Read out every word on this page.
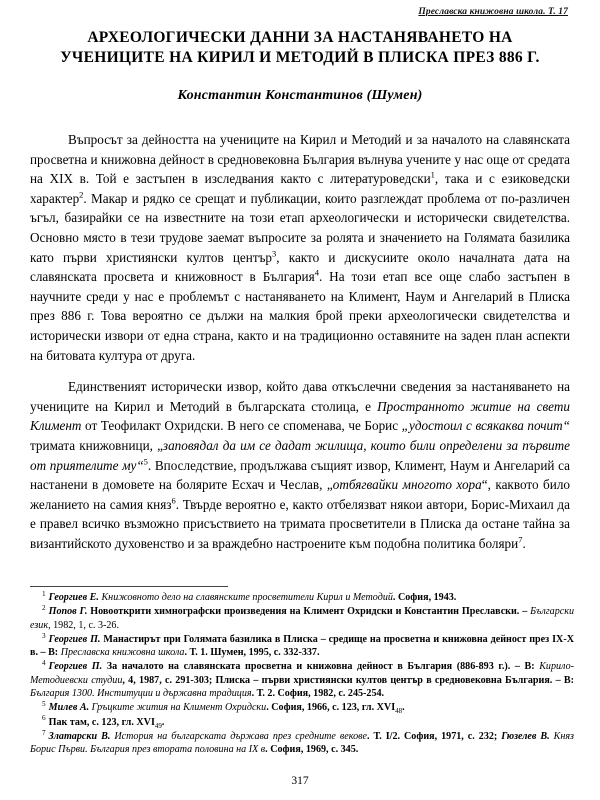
Преславска книжовна школа. Т. 17
АРХЕОЛОГИЧЕСКИ ДАННИ ЗА НАСТАНЯВАНЕТО НА
УЧЕНИЦИТЕ НА КИРИЛ И МЕТОДИЙ В ПЛИСКА ПРЕЗ 886 Г.
Константин Константинов (Шумен)

Въпросът за дейността на учениците на Кирил и Методий и за началото на славянската просветна и книжовна дейност в средновековна България вълнува учените у нас още от средата на XIX в. Той е застъпен в изследвания както с литературоведски$^1$, така и с езиковедски характер$^2$. Макар и рядко се срещат и публикации, които разглеждат проблема от по-различен ъгъл, базирайки се на известните на този етап археологически и исторически свидетелства. Основно място в тези трудове заемат въпросите за ролята и значението на Голямата базилика като първи християнски култов център$^3$, както и дискусиите около началната дата на славянската просвета и книжовност в България$^4$. На този етап все още слабо застъпен в научните среди у нас е проблемът с настаняването на Климент, Наум и Ангеларий в Плиска през 886 г. Това вероятно се дължи на малкия брой преки археологически свидетелства и исторически извори от една страна, както и на традиционно оставяните на заден план аспекти на битовата култура от друга.

Единственият исторически извор, който дава откъслечни сведения за настаняването на учениците на Кирил и Методий в българската столица, е Пространното житие на свети Климент от Теофилакт Охридски. В него се споменава, че Борис „удостоил с всякаква почит“ тримата книжовници, „заповядал да им се дадат жилища, които били определени за първите от приятелите му“$^5$. Впоследствие, продължава същият извор, Климент, Наум и Ангеларий са настанени в домовете на болярите Есхач и Чеслав, „отбягвайки многото хора“, каквото било желанието на самия княз$^6$. Твърде вероятно е, както отбелязват някои автори, Борис-Михаил да е правел всичко възможно присъствието на тримата просветители в Плиска да остане тайна за византийското духовенство и за враждебно настроените към подобна политика боляри$^7$.

$^1$ Георгиев Е. Книжовното дело на славянските просветители Кирил и Методий. София, 1943.
$^2$ Попов Г. Новооткрити химнографски произведения на Климент Охридски и Константин Преславски. – Български език, 1982, 1, с. 3-26.
$^3$ Георгиев П. Манастирът при Голямата базилика в Плиска – средище на просветна и книжовна дейност през IX-X в. – В: Преславска книжовна школа. Т. 1. Шумен, 1995, с. 332-337.
$^4$ Георгиев П. За началото на славянската просветна и книжовна дейност в България (886-893 г.). – В: Кирило-Методиевски студии, 4, 1987, с. 291-303; Плиска – първи християнски култов център в средновековна България. – В: България 1300. Институции и държавна традиция. Т. 2. София, 1982, с. 245-254.
$^5$ Милев А. Гръцките жития на Климент Охридски. София, 1966, с. 123, гл. $XVI_{48}$.
$^6$ Пак там, с. 123, гл. $XVI_{49}$.
$^7$ Златарски В. История на българската държава през средните векове. Т. I/2. София, 1971, с. 232; Гюзелев В. Княз Борис Първи. България през втората половина на IX в. София, 1969, с. 345.
317
